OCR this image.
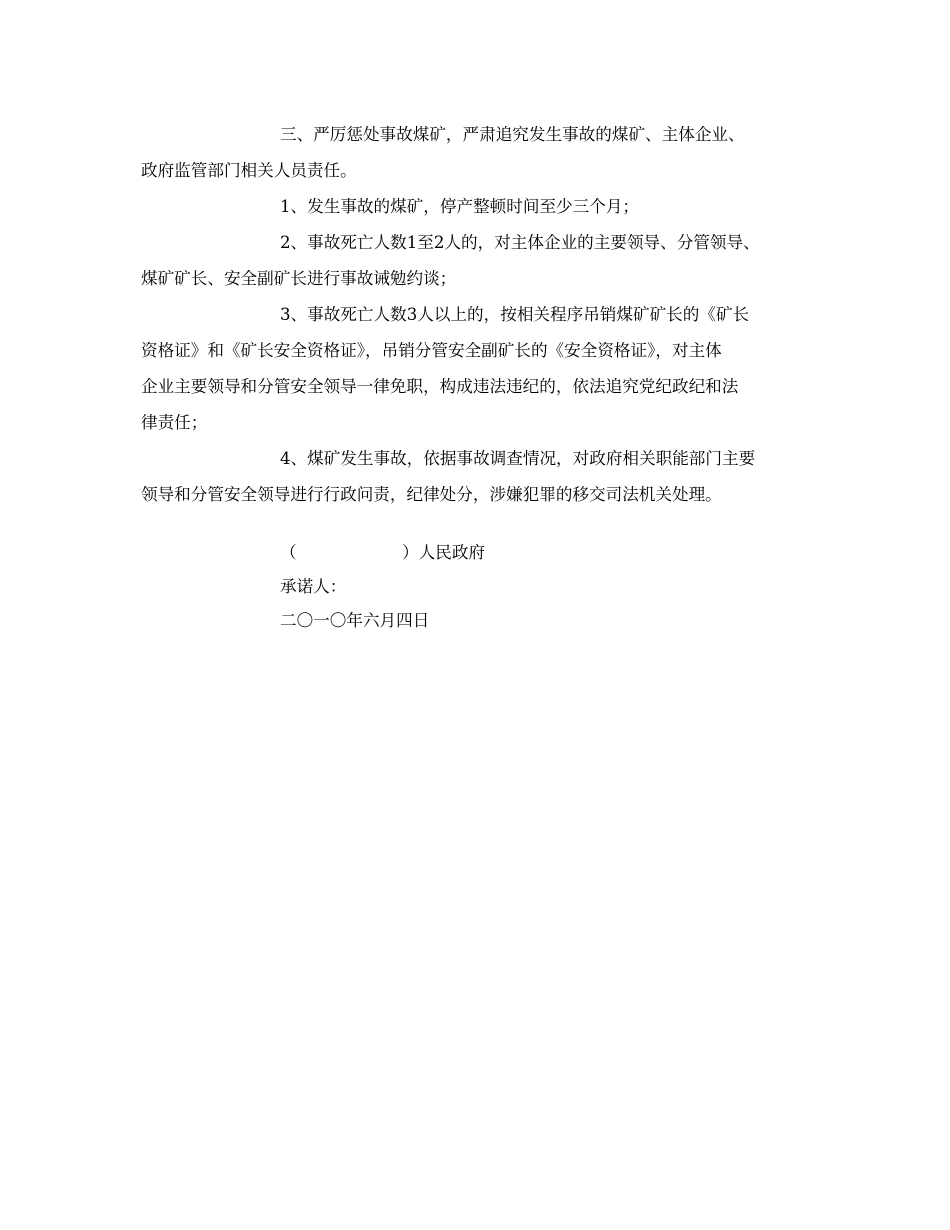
三、严厉惩处事故煤矿，严肃追究发生事故的煤矿、主体企业、
政府监管部门相关人员责任。

1、发生事故的煤矿，停产整顿时间至少三个月；

2、事故死亡人数1至2人的，对主体企业的主要领导、分管领导、
煤矿矿长、安全副矿长进行事故诫勉约谈；

3、事故死亡人数3人以上的，按相关程序吊销煤矿矿长的《矿长
资格证》和《矿长安全资格证》，吊销分管安全副矿长的《安全资格证》，对主体
企业主要领导和分管安全领导一律免职，构成违法违纪的，依法追究党纪政纪和法
律责任；

4、煤矿发生事故，依据事故调查情况，对政府相关职能部门主要
领导和分管安全领导进行行政问责，纪律处分，涉嫌犯罪的移交司法机关处理。

（                    ）人民政府

承诺人：

二〇一〇年六月四日
